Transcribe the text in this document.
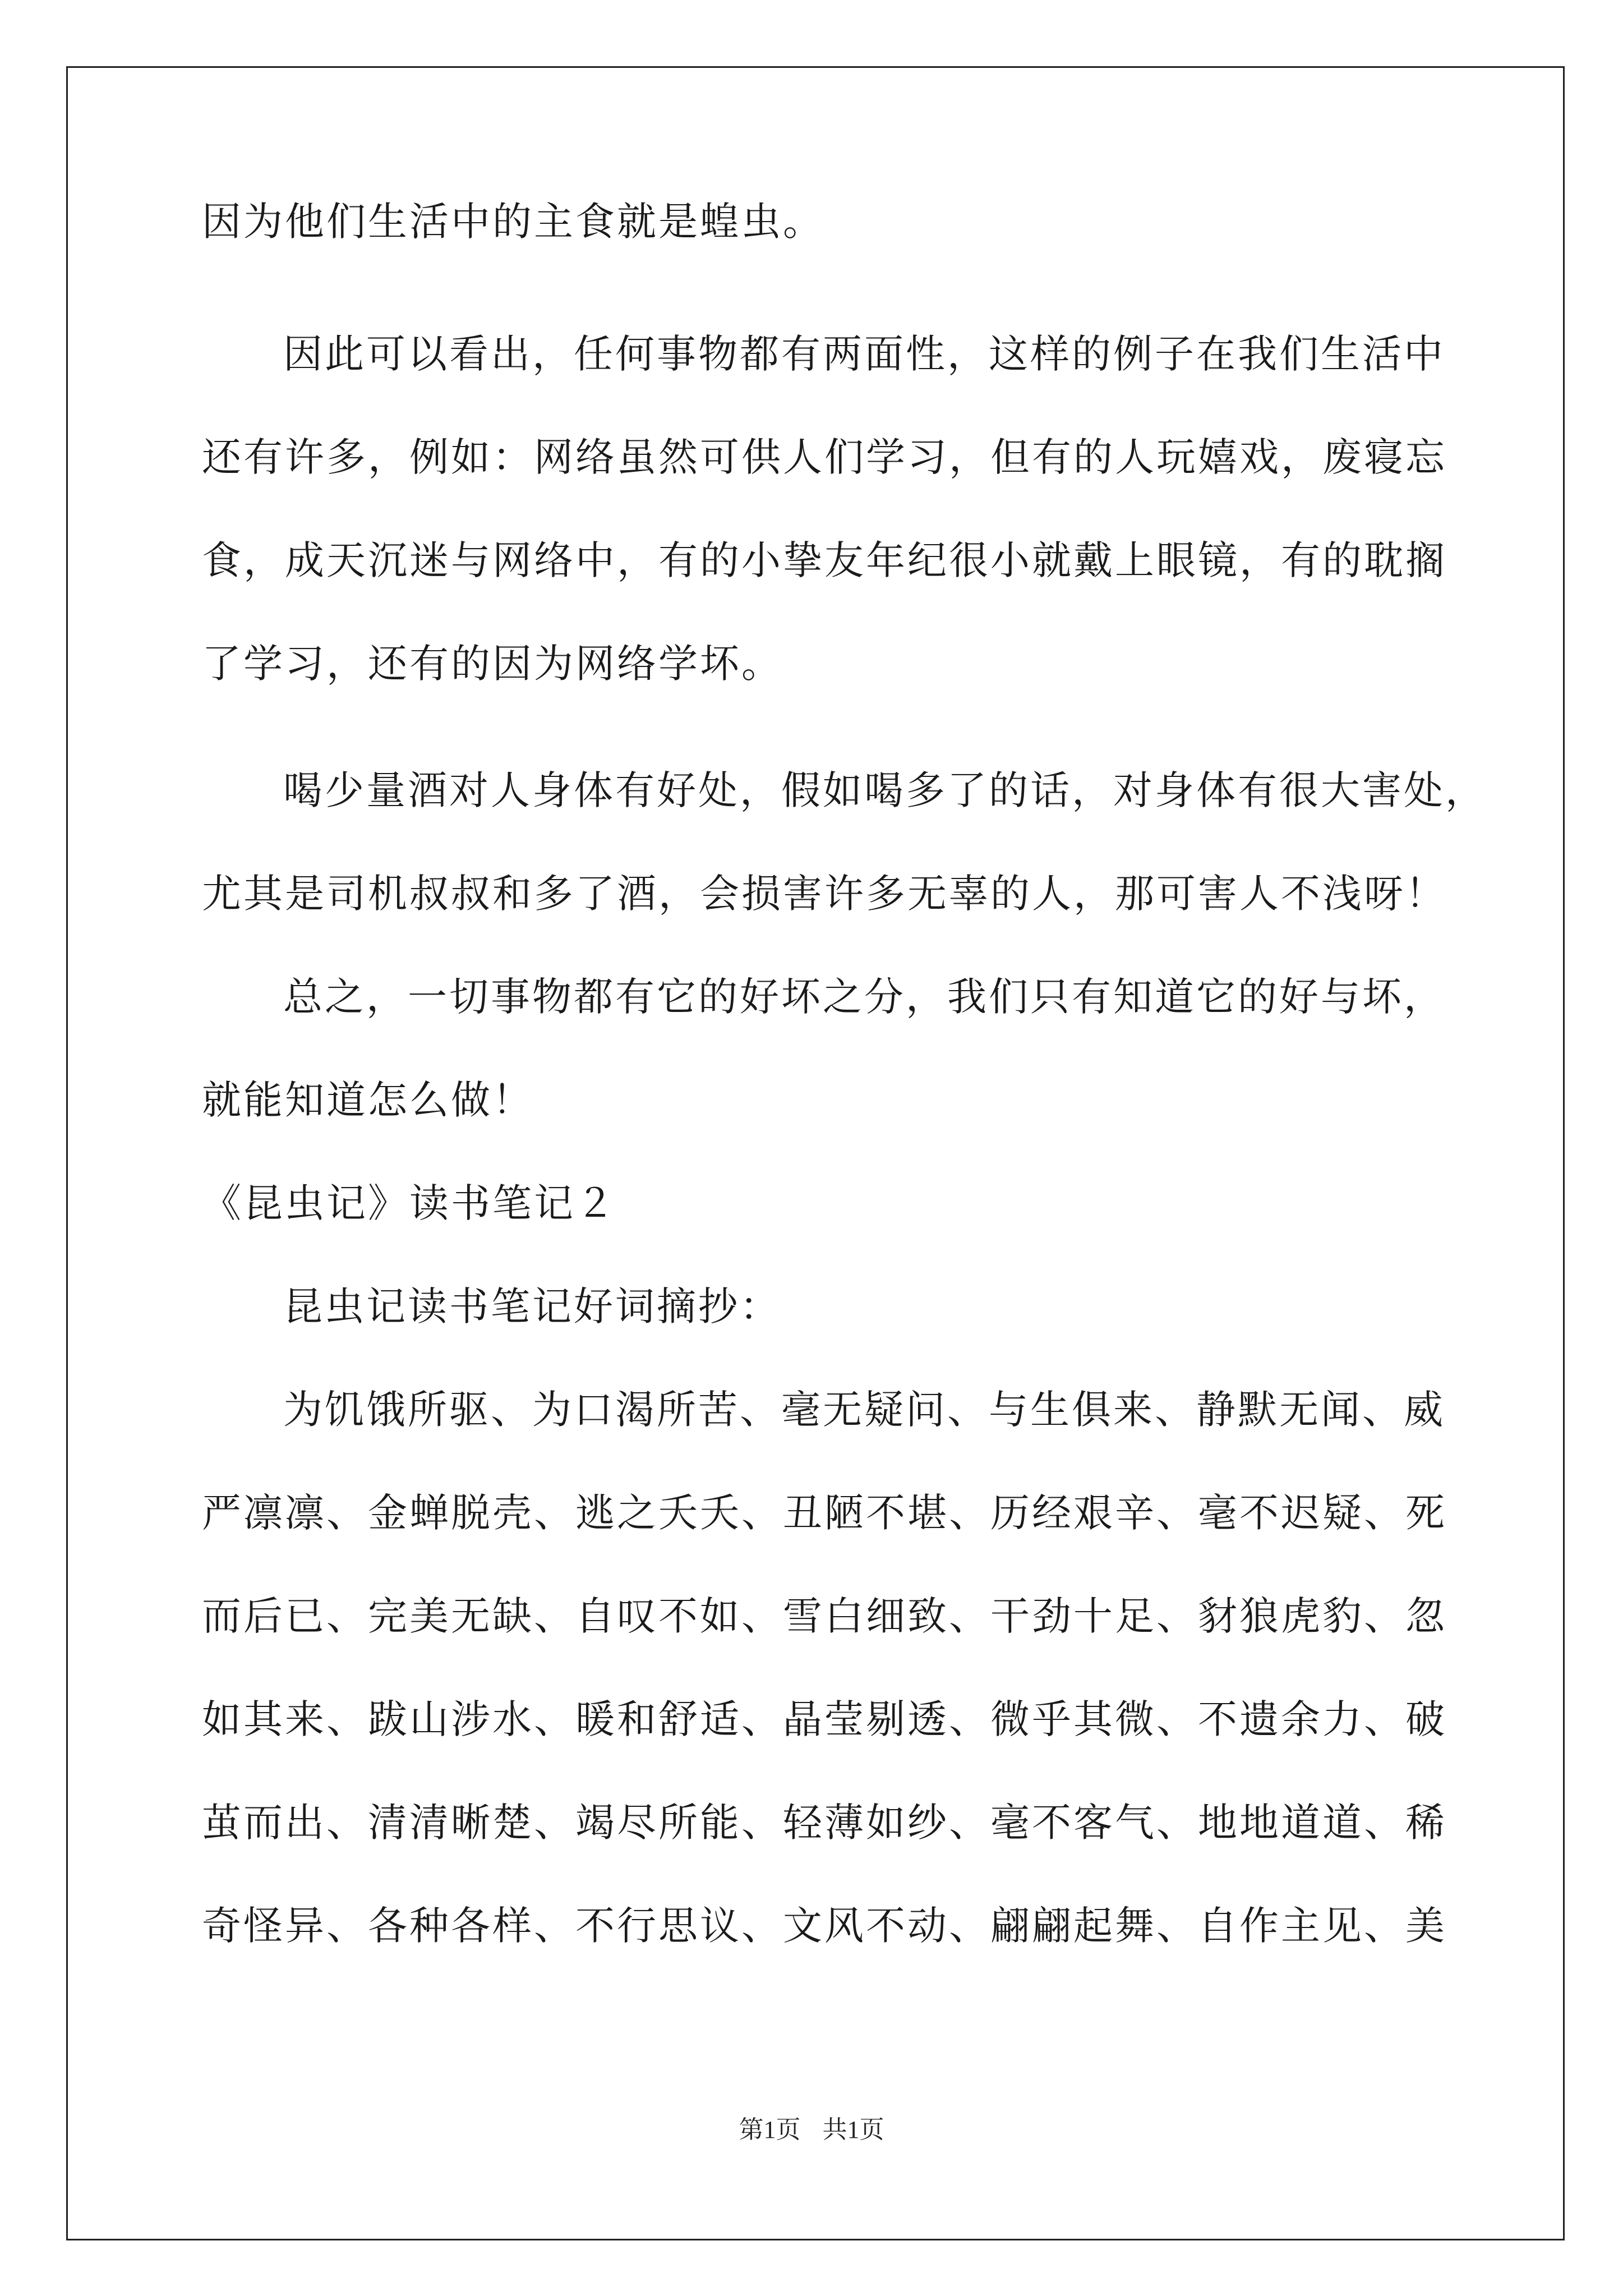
因为他们生活中的主食就是蝗虫。
因此可以看出，任何事物都有两面性，这样的例子在我们生活中
还有许多，例如：网络虽然可供人们学习，但有的人玩嬉戏，废寝忘
食，成天沉迷与网络中，有的小挚友年纪很小就戴上眼镜，有的耽搁
了学习，还有的因为网络学坏。
喝少量酒对人身体有好处，假如喝多了的话，对身体有很大害处，
尤其是司机叔叔和多了酒，会损害许多无辜的人，那可害人不浅呀！
总之，一切事物都有它的好坏之分，我们只有知道它的好与坏，
就能知道怎么做！
《昆虫记》读书笔记２
昆虫记读书笔记好词摘抄：
为饥饿所驱、为口渴所苦、毫无疑问、与生俱来、静默无闻、威
严凛凛、金蝉脱壳、逃之夭夭、丑陋不堪、历经艰辛、毫不迟疑、死
而后已、完美无缺、自叹不如、雪白细致、干劲十足、豺狼虎豹、忽
如其来、跋山涉水、暖和舒适、晶莹剔透、微乎其微、不遗余力、破
茧而出、清清晰楚、竭尽所能、轻薄如纱、毫不客气、地地道道、稀
奇怪异、各种各样、不行思议、文风不动、翩翩起舞、自作主见、美
第1页 共1页
